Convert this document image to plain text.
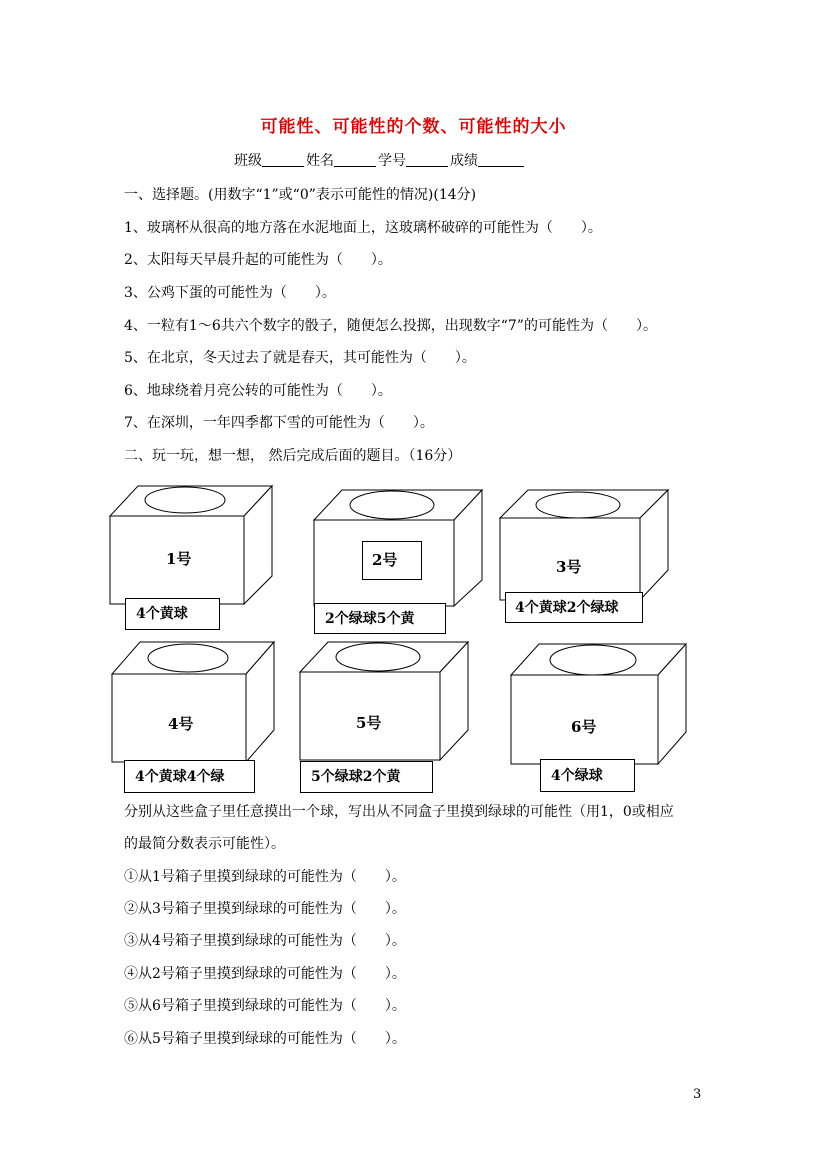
可能性、可能性的个数、可能性的大小
班级	姓名	学号	成绩
一、选择题。(用数字“1”或“0”表示可能性的情况)(14分)
1、玻璃杯从很高的地方落在水泥地面上，这玻璃杯破碎的可能性为（　　）。
2、太阳每天早晨升起的可能性为（　　）。
3、公鸡下蛋的可能性为（　　）。
4、一粒有1～6共六个数字的骰子，随便怎么投掷，出现数字“7”的可能性为（　　）。
5、在北京，冬天过去了就是春天，其可能性为（　　）。
6、地球绕着月亮公转的可能性为（　　）。
7、在深圳，一年四季都下雪的可能性为（　　）。
二、玩一玩，想一想， 然后完成后面的题目。（16分）
1号	2号	3号
4号	5号	6号
4个黄球	2个绿球5个黄
4个黄球2个绿球
4个黄球4个绿	5个绿球2个黄	4个绿球
分别从这些盒子里任意摸出一个球，写出从不同盒子里摸到绿球的可能性（用1，0或相应
的最简分数表示可能性）。
①从1号箱子里摸到绿球的可能性为（　　）。
②从3号箱子里摸到绿球的可能性为（　　）。
③从4号箱子里摸到绿球的可能性为（　　）。
④从2号箱子里摸到绿球的可能性为（　　）。
⑤从6号箱子里摸到绿球的可能性为（　　）。
⑥从5号箱子里摸到绿球的可能性为（　　）。
3
